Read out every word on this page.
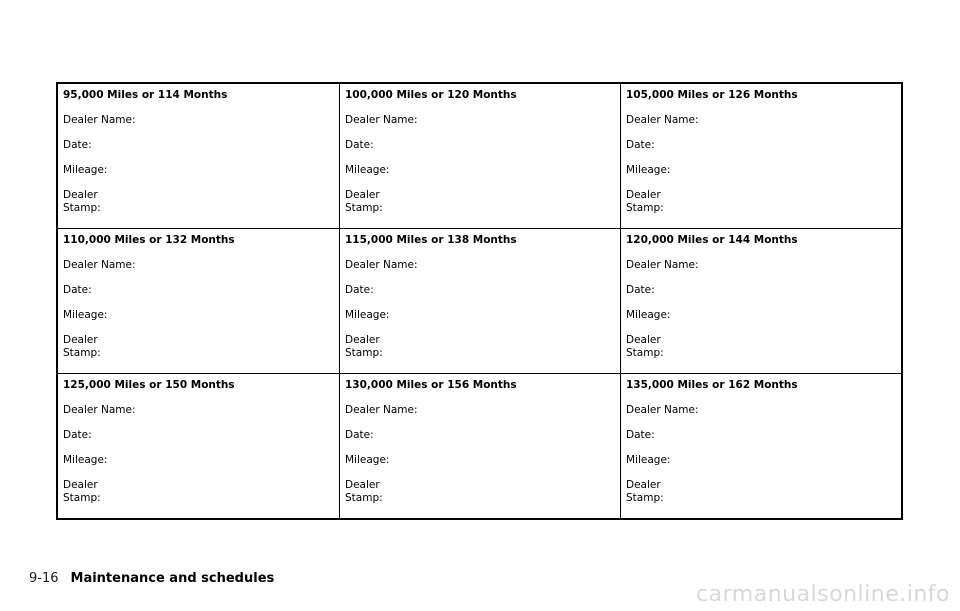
95,000 Miles or 114 Months
Dealer Name:
Date:
Mileage:
Dealer
Stamp:
100,000 Miles or 120 Months
Dealer Name:
Date:
Mileage:
Dealer
Stamp:
105,000 Miles or 126 Months
Dealer Name:
Date:
Mileage:
Dealer
Stamp:
110,000 Miles or 132 Months
Dealer Name:
Date:
Mileage:
Dealer
Stamp:
115,000 Miles or 138 Months
Dealer Name:
Date:
Mileage:
Dealer
Stamp:
120,000 Miles or 144 Months
Dealer Name:
Date:
Mileage:
Dealer
Stamp:
125,000 Miles or 150 Months
Dealer Name:
Date:
Mileage:
Dealer
Stamp:
130,000 Miles or 156 Months
Dealer Name:
Date:
Mileage:
Dealer
Stamp:
135,000 Miles or 162 Months
Dealer Name:
Date:
Mileage:
Dealer
Stamp:
9-16 Maintenance and schedules
carmanualsonline.info
